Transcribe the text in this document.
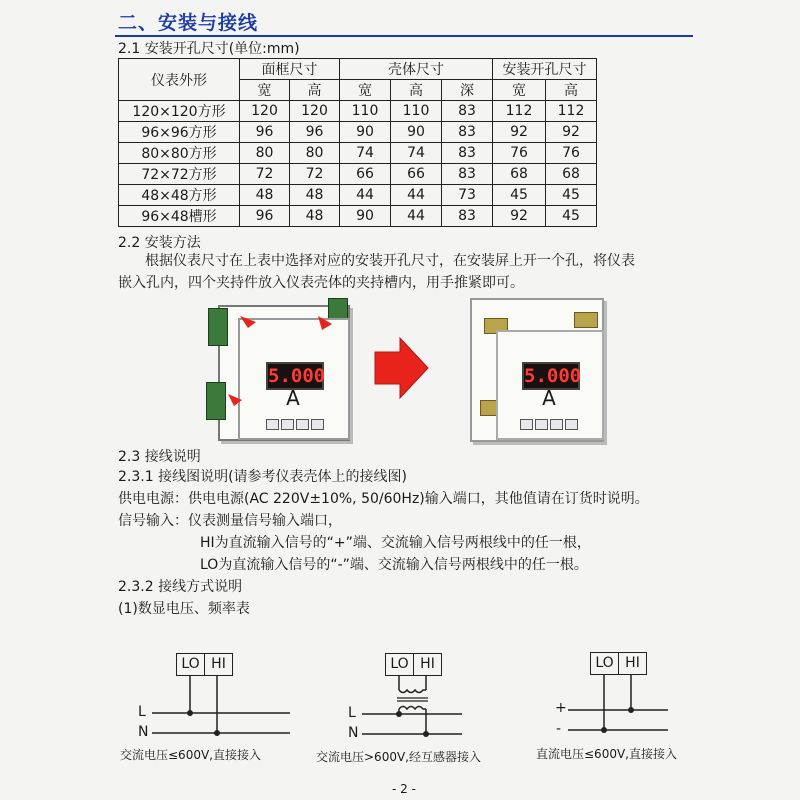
二、安装与接线
2.1 安装开孔尺寸(单位:mm)
仪表外形	面框尺寸		壳体尺寸			安装开孔尺寸	
	宽	高	宽	高	深	宽	高
120×120方形	120	120	110	110	83	112	112
96×96方形	96	96	90	90	83	92	92
80×80方形	80	80	74	74	83	76	76
72×72方形	72	72	66	66	83	68	68
48×48方形	48	48	44	44	73	45	45
96×48槽形	96	48	90	44	83	92	45
2.2 安装方法
根据仪表尺寸在上表中选择对应的安装开孔尺寸，在安装屏上开一个孔，将仪表
嵌入孔内，四个夹持件放入仪表壳体的夹持槽内，用手推紧即可。
5.000
A
5.000
A
2.3 接线说明
2.3.1 接线图说明(请参考仪表壳体上的接线图)
供电电源：供电电源(AC 220V±10%, 50/60Hz)输入端口，其他值请在订货时说明。
信号输入：仪表测量信号输入端口，
HI为直流输入信号的“+”端、交流输入信号两根线中的任一根，
LO为直流输入信号的“-”端、交流输入信号两根线中的任一根。
2.3.2 接线方式说明
(1)数显电压、频率表
LO HI
L
N
交流电压≤600V,直接接入
LO HI
L
N
交流电压>600V,经互感器接入
LO HI
+
-
直流电压≤600V,直接接入
- 2 -
